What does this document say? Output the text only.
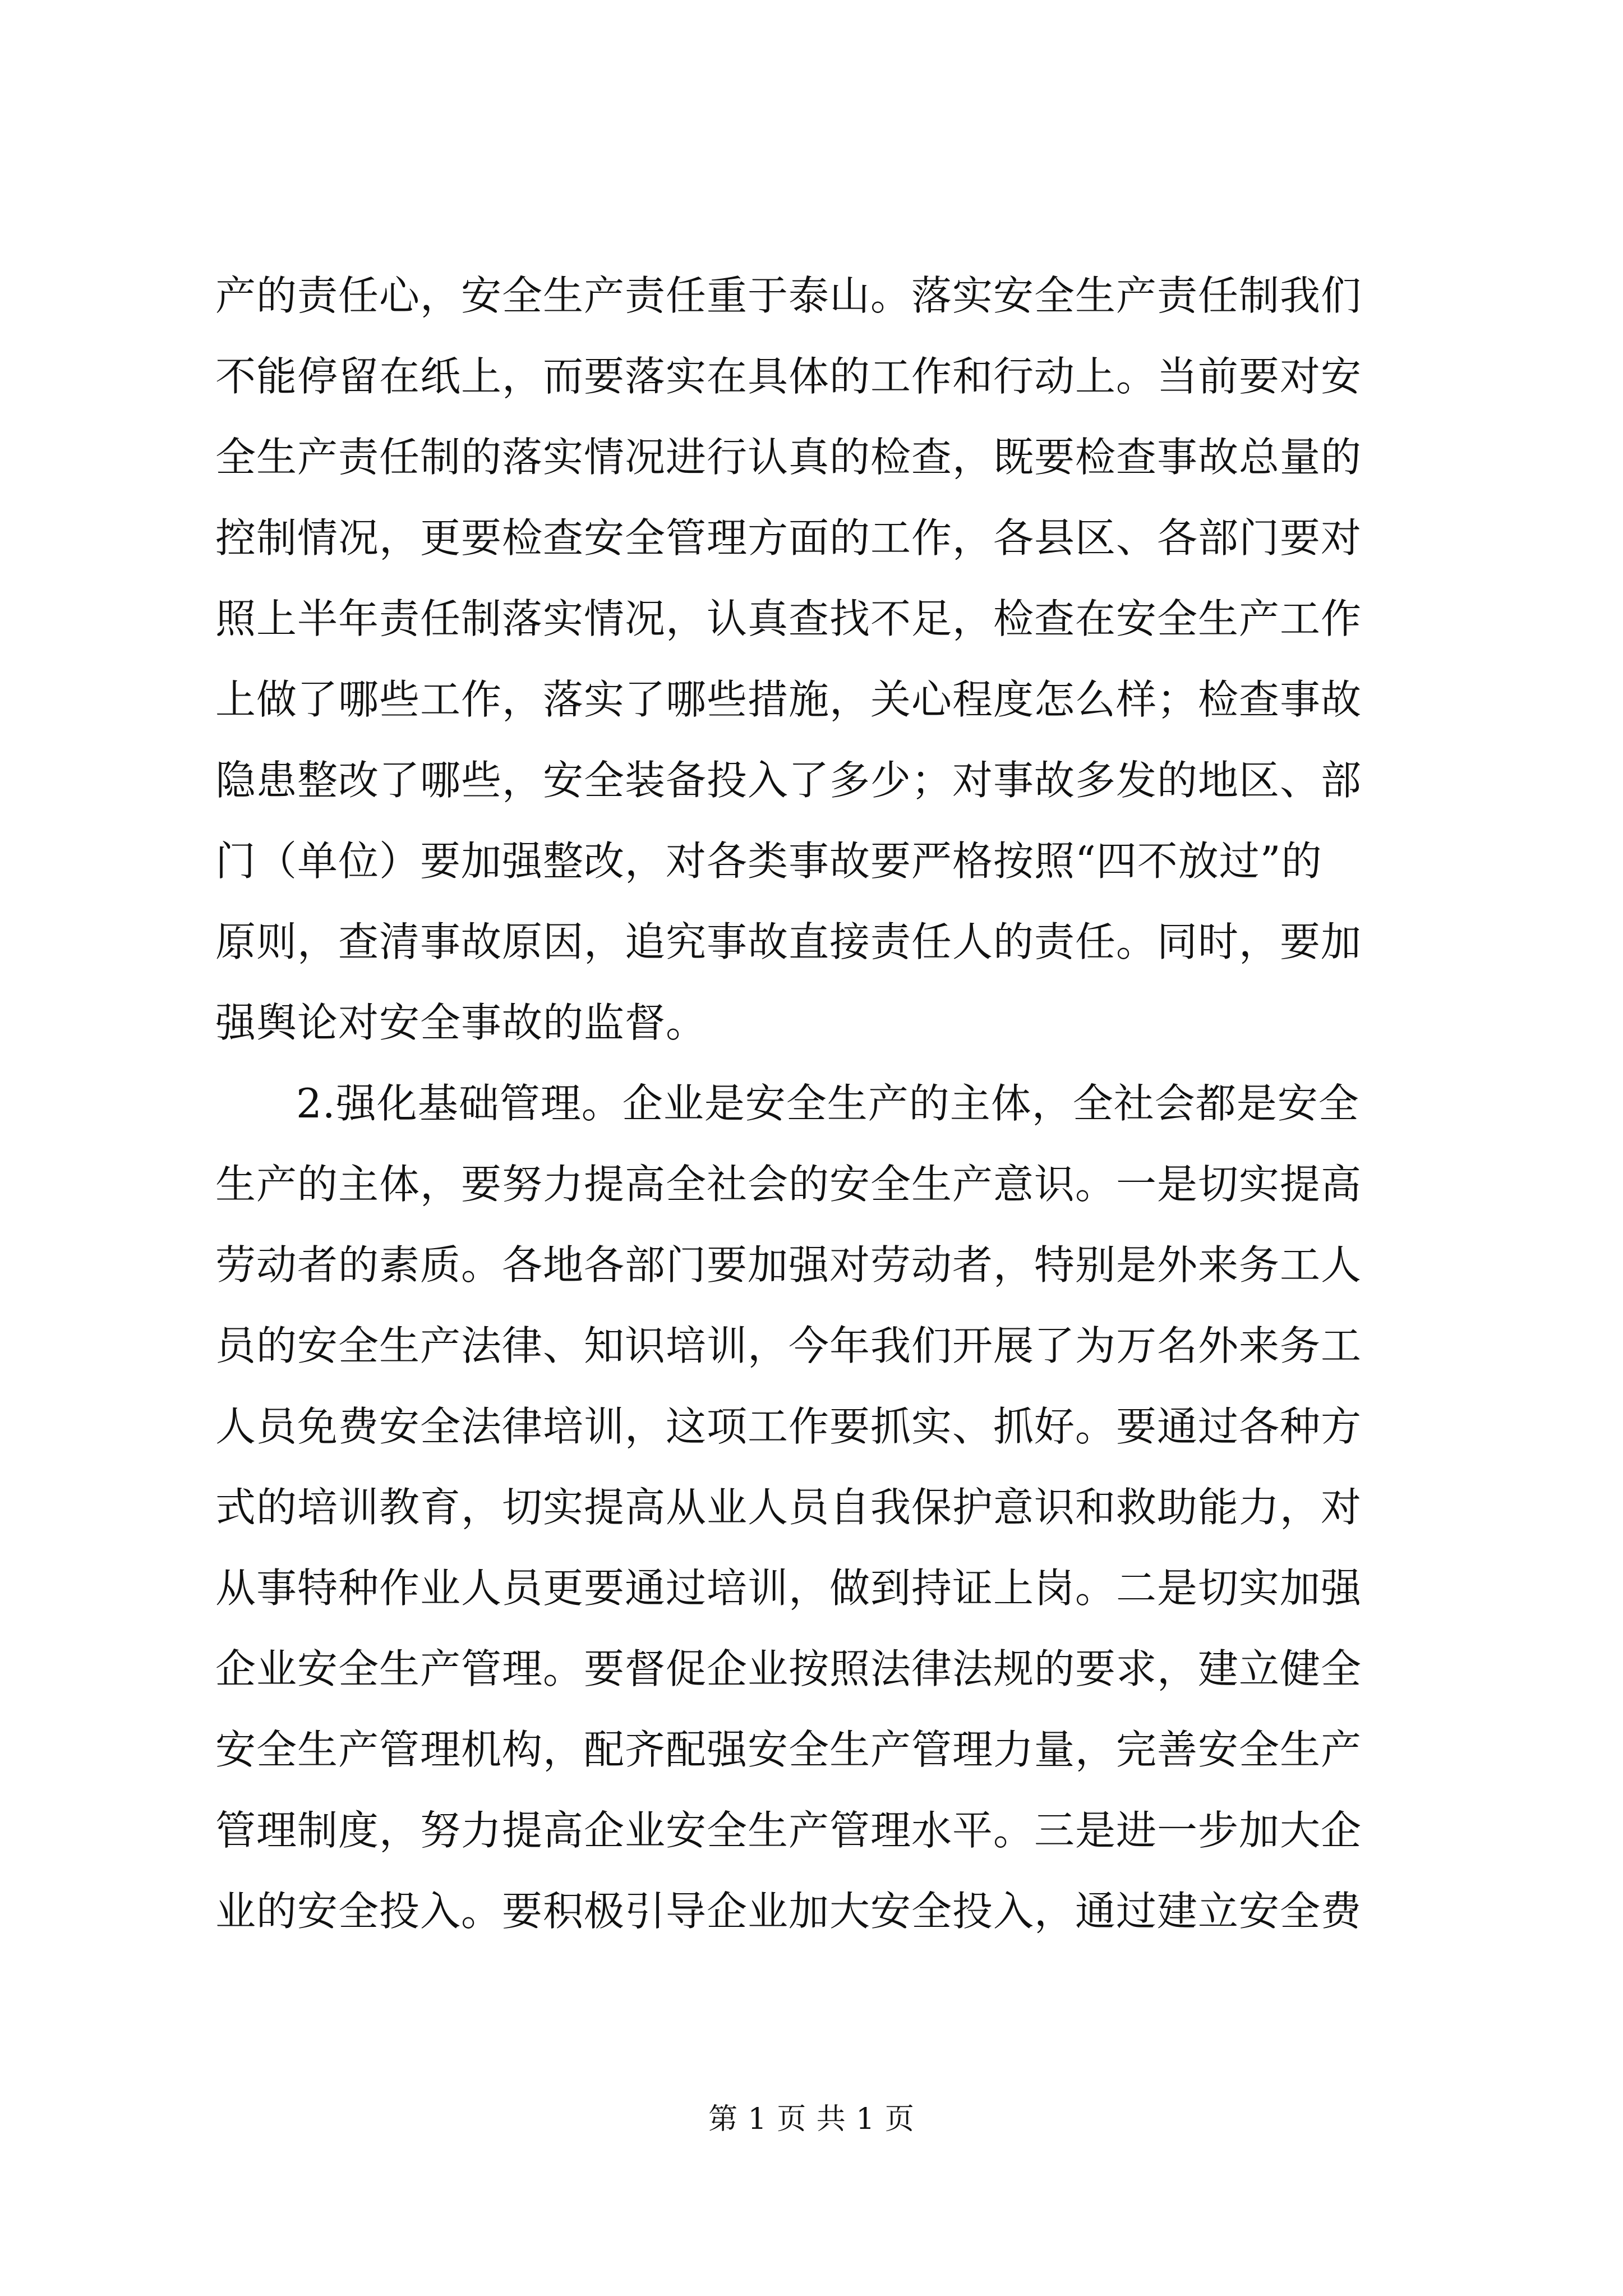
产的责任心，安全生产责任重于泰山。落实安全生产责任制我们
不能停留在纸上，而要落实在具体的工作和行动上。当前要对安
全生产责任制的落实情况进行认真的检查，既要检查事故总量的
控制情况，更要检查安全管理方面的工作，各县区、各部门要对
照上半年责任制落实情况，认真查找不足，检查在安全生产工作
上做了哪些工作，落实了哪些措施，关心程度怎么样；检查事故
隐患整改了哪些，安全装备投入了多少；对事故多发的地区、部
门（单位）要加强整改，对各类事故要严格按照“四不放过”的
原则，查清事故原因，追究事故直接责任人的责任。同时，要加
强舆论对安全事故的监督。
2.强化基础管理。企业是安全生产的主体，全社会都是安全
生产的主体，要努力提高全社会的安全生产意识。一是切实提高
劳动者的素质。各地各部门要加强对劳动者，特别是外来务工人
员的安全生产法律、知识培训，今年我们开展了为万名外来务工
人员免费安全法律培训，这项工作要抓实、抓好。要通过各种方
式的培训教育，切实提高从业人员自我保护意识和救助能力，对
从事特种作业人员更要通过培训，做到持证上岗。二是切实加强
企业安全生产管理。要督促企业按照法律法规的要求，建立健全
安全生产管理机构，配齐配强安全生产管理力量，完善安全生产
管理制度，努力提高企业安全生产管理水平。三是进一步加大企
业的安全投入。要积极引导企业加大安全投入，通过建立安全费
第 1 页 共 1 页
